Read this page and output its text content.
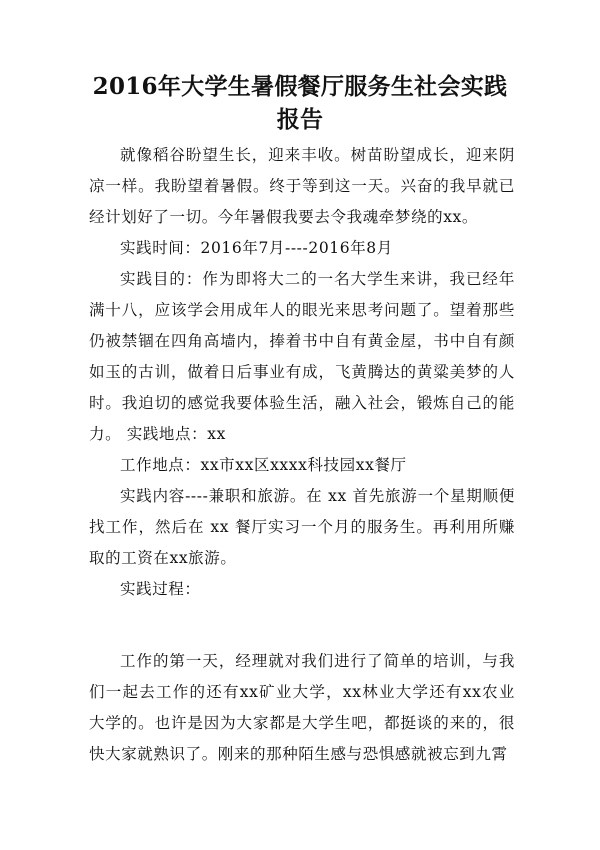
2016年大学生暑假餐厅服务生社会实践报告

就像稻谷盼望生长，迎来丰收。树苗盼望成长，迎来阴凉一样。我盼望着暑假。终于等到这一天。兴奋的我早就已经计划好了一切。今年暑假我要去令我魂牵梦绕的xx。

实践时间：2016年7月----2016年8月

实践目的：作为即将大二的一名大学生来讲，我已经年满十八，应该学会用成年人的眼光来思考问题了。望着那些仍被禁锢在四角高墙内，捧着书中自有黄金屋，书中自有颜如玉的古训，做着日后事业有成，飞黄腾达的黄粱美梦的人时。我迫切的感觉我要体验生活，融入社会，锻炼自己的能力。 实践地点：xx

工作地点：xx市xx区xxxx科技园xx餐厅

实践内容----兼职和旅游。在 xx 首先旅游一个星期顺便找工作，然后在 xx 餐厅实习一个月的服务生。再利用所赚取的工资在xx旅游。

实践过程：

工作的第一天，经理就对我们进行了简单的培训，与我们一起去工作的还有xx矿业大学，xx林业大学还有xx农业大学的。也许是因为大家都是大学生吧，都挺谈的来的，很快大家就熟识了。刚来的那种陌生感与恐惧感就被忘到九霄
